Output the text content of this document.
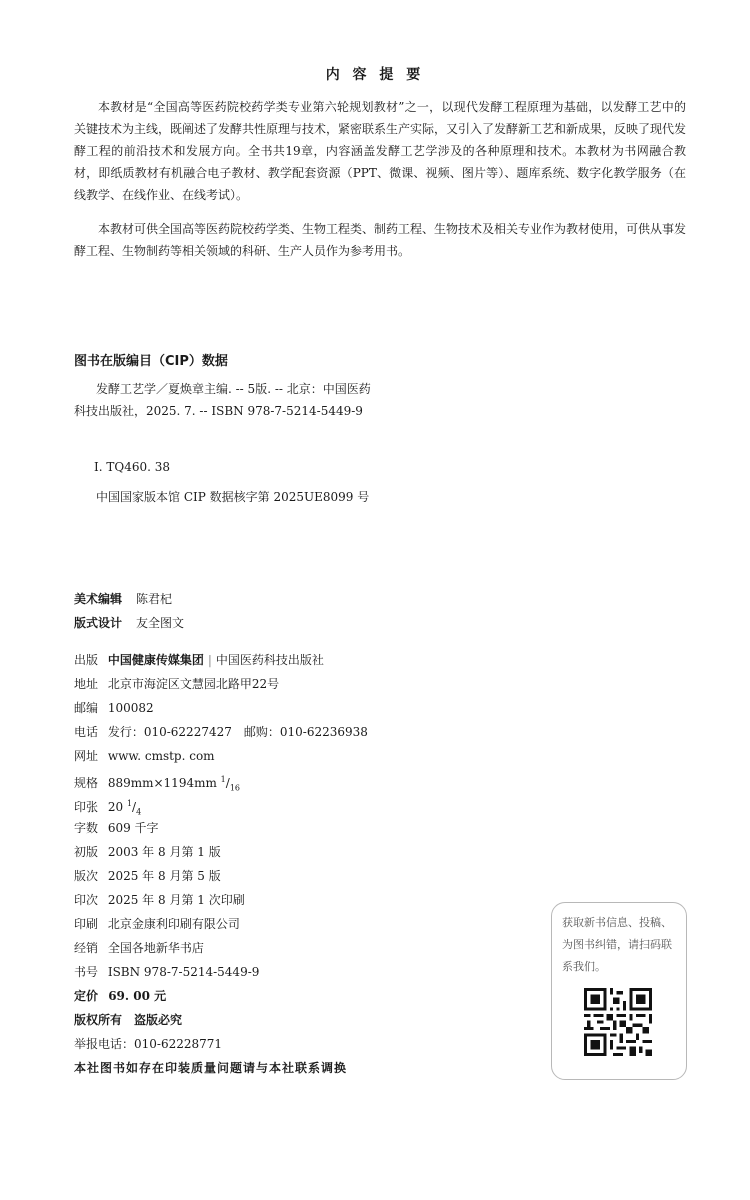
内 容 提 要
本教材是“全国高等医药院校药学类专业第六轮规划教材”之一，以现代发酵工程原理为基础，以发酵工艺中的关键技术为主线，既阐述了发酵共性原理与技术，紧密联系生产实际，又引入了发酵新工艺和新成果，反映了现代发酵工程的前沿技术和发展方向。全书共19章，内容涵盖发酵工艺学涉及的各种原理和技术。本教材为书网融合教材，即纸质教材有机融合电子教材、教学配套资源（PPT、微课、视频、图片等）、题库系统、数字化教学服务（在线教学、在线作业、在线考试）。
本教材可供全国高等医药院校药学类、生物工程类、制药工程、生物技术及相关专业作为教材使用，可供从事发酵工程、生物制药等相关领域的科研、生产人员作为参考用书。
图书在版编目（CIP）数据
发酵工艺学／夏焕章主编. -- 5版. -- 北京：中国医药科技出版社，2025. 7. -- ISBN 978-7-5214-5449-9
Ⅰ. TQ460. 38
中国国家版本馆 CIP 数据核字第 2025UE8099 号
美术编辑 陈君杞
版式设计 友全图文
出版 中国健康传媒集团 | 中国医药科技出版社
地址 北京市海淀区文慧园北路甲22号
邮编 100082
电话 发行：010-62227427　邮购：010-62236938
网址 www. cmstp. com
规格 889mm×1194mm $^1/_{16}$
印张 20 $^1/_4$
字数 609 千字
初版 2003 年 8 月第 1 版
版次 2025 年 8 月第 5 版
印次 2025 年 8 月第 1 次印刷
印刷 北京金康利印刷有限公司
经销 全国各地新华书店
书号 ISBN 978-7-5214-5449-9
定价 69. 00 元
版权所有　盗版必究
举报电话：010-62228771
本社图书如存在印装质量问题请与本社联系调换
获取新书信息、投稿、为图书纠错，请扫码联系我们。
